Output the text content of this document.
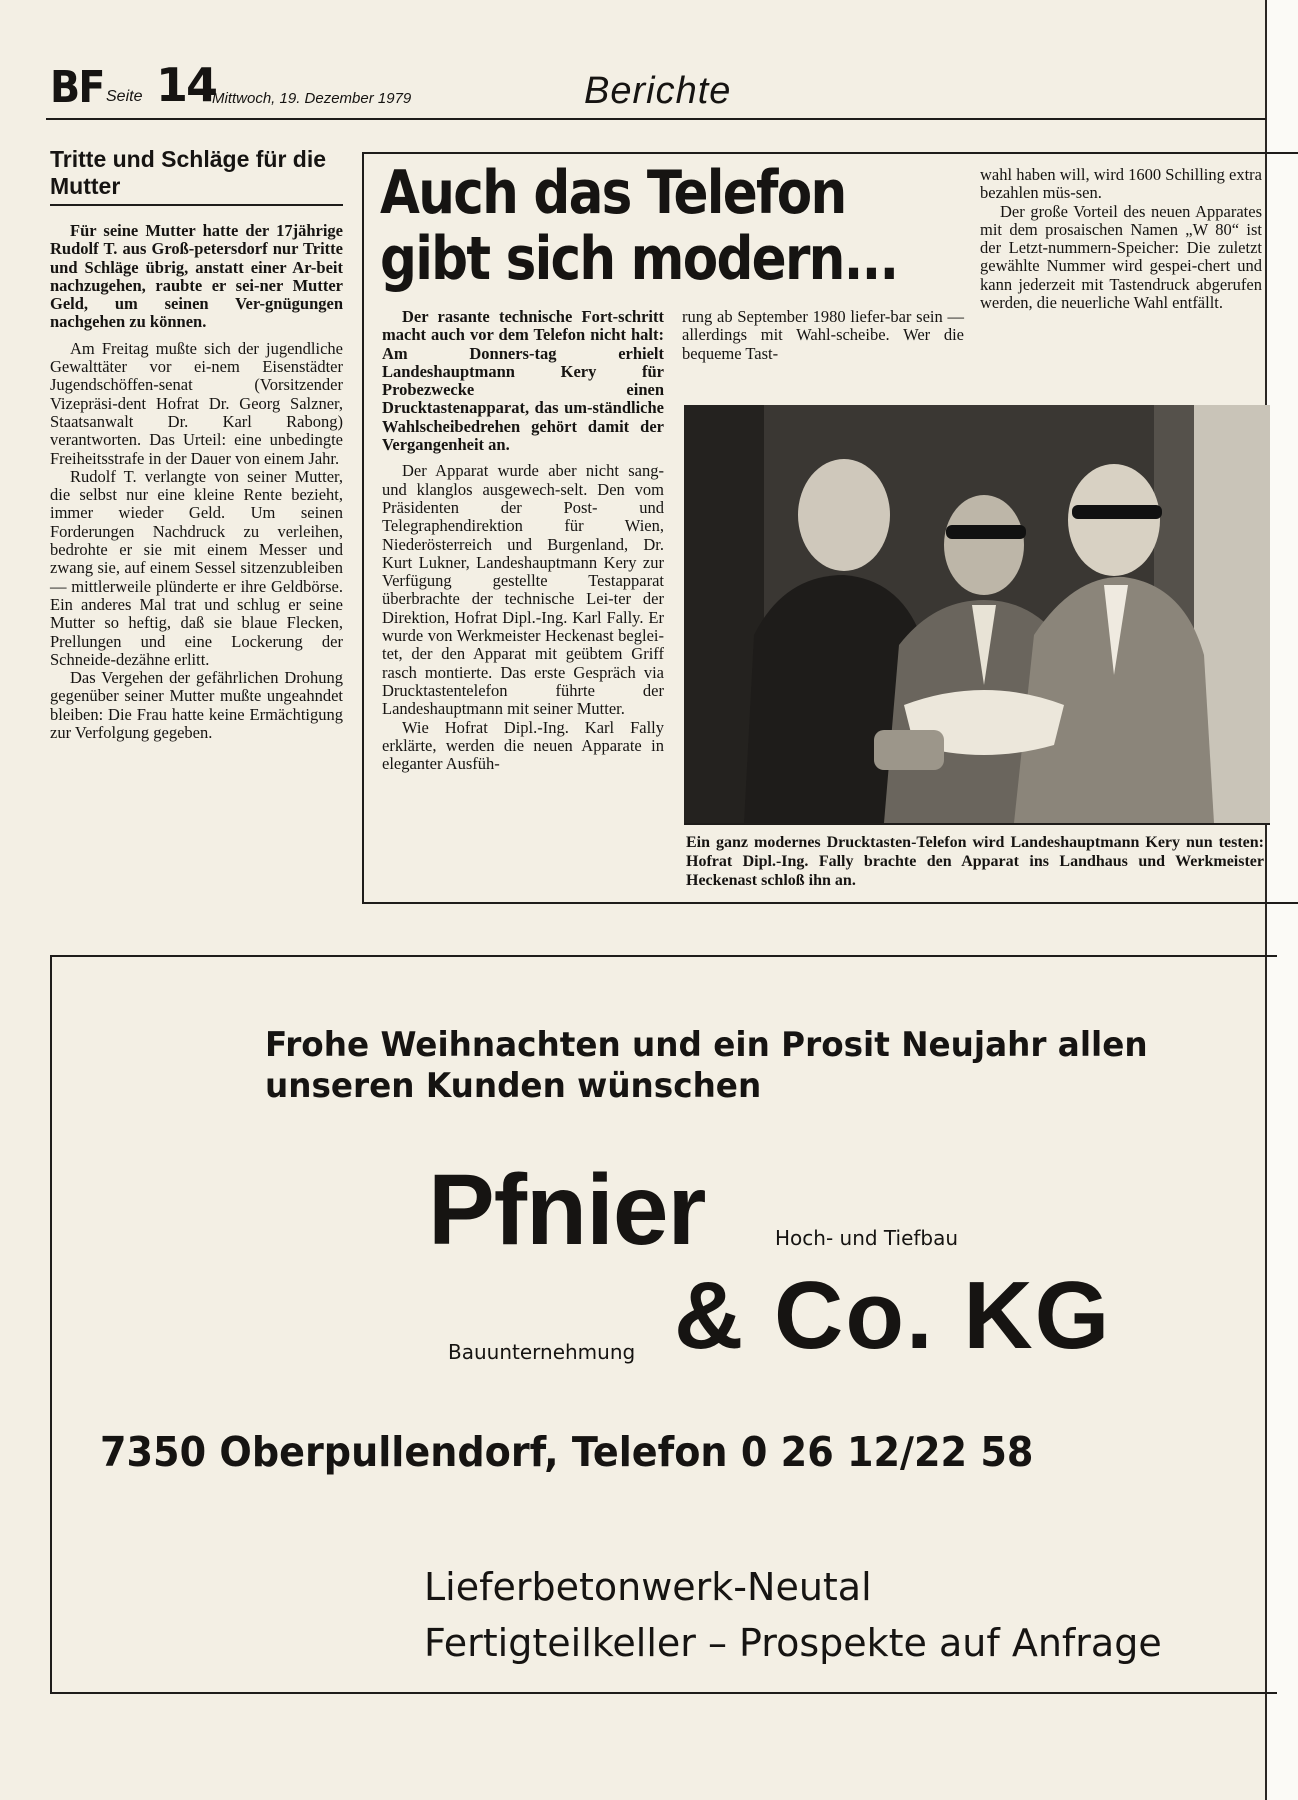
BF Seite 14
Mittwoch, 19. Dezember 1979	Berichte
Tritte und Schläge für die Mutter

Für seine Mutter hatte der 17jährige Rudolf T. aus Groß-petersdorf nur Tritte und Schläge übrig, anstatt einer Ar-beit nachzugehen, raubte er sei-ner Mutter Geld, um seinen Ver-gnügungen nachgehen zu können.

Am Freitag mußte sich der jugendliche Gewalttäter vor ei-nem Eisenstädter Jugendschöffen-senat (Vorsitzender Vizepräsi-dent Hofrat Dr. Georg Salzner, Staatsanwalt Dr. Karl Rabong) verantworten. Das Urteil: eine unbedingte Freiheitsstrafe in der Dauer von einem Jahr.

Rudolf T. verlangte von seiner Mutter, die selbst nur eine kleine Rente bezieht, immer wieder Geld. Um seinen Forderungen Nachdruck zu verleihen, bedrohte er sie mit einem Messer und zwang sie, auf einem Sessel sitzenzubleiben — mittlerweile plünderte er ihre Geldbörse. Ein anderes Mal trat und schlug er seine Mutter so heftig, daß sie blaue Flecken, Prellungen und eine Lockerung der Schneide-dezähne erlitt.

Das Vergehen der gefährlichen Drohung gegenüber seiner Mutter mußte ungeahndet bleiben: Die Frau hatte keine Ermächtigung zur Verfolgung gegeben.

Auch das Telefon
gibt sich modern...

Der rasante technische Fort-schritt macht auch vor dem Telefon nicht halt: Am Donners-tag erhielt Landeshauptmann Kery für Probezwecke einen Drucktastenapparat, das um-ständliche Wahlscheibedrehen gehört damit der Vergangenheit an.

Der Apparat wurde aber nicht sang- und klanglos ausgewech-selt. Den vom Präsidenten der Post- und Telegraphendirektion für Wien, Niederösterreich und Burgenland, Dr. Kurt Lukner, Landeshauptmann Kery zur Verfügung gestellte Testapparat überbrachte der technische Lei-ter der Direktion, Hofrat Dipl.-Ing. Karl Fally. Er wurde von Werkmeister Heckenast beglei-tet, der den Apparat mit geübtem Griff rasch montierte. Das erste Gespräch via Drucktastentelefon führte der Landeshauptmann mit seiner Mutter.

Wie Hofrat Dipl.-Ing. Karl Fally erklärte, werden die neuen Apparate in eleganter Ausfüh-

rung ab September 1980 liefer-bar sein — allerdings mit Wahl-scheibe. Wer die bequeme Tast-

wahl haben will, wird 1600 Schilling extra bezahlen müs-sen.

Der große Vorteil des neuen Apparates mit dem prosaischen Namen „W 80“ ist der Letzt-nummern-Speicher: Die zuletzt gewählte Nummer wird gespei-chert und kann jederzeit mit Tastendruck abgerufen werden, die neuerliche Wahl entfällt.

Ein ganz modernes Drucktasten-Telefon wird Landeshauptmann Kery nun testen: Hofrat Dipl.-Ing. Fally brachte den Apparat ins Landhaus und Werkmeister Heckenast schloß ihn an.
Frohe Weihnachten und ein Prosit Neujahr allen
unseren Kunden wünschen
Pfnier	Hoch- und Tiefbau
& Co. KG
Bauunternehmung
7350 Oberpullendorf, Telefon 0 26 12/22 58
Lieferbetonwerk-Neutal
Fertigteilkeller – Prospekte auf Anfrage
